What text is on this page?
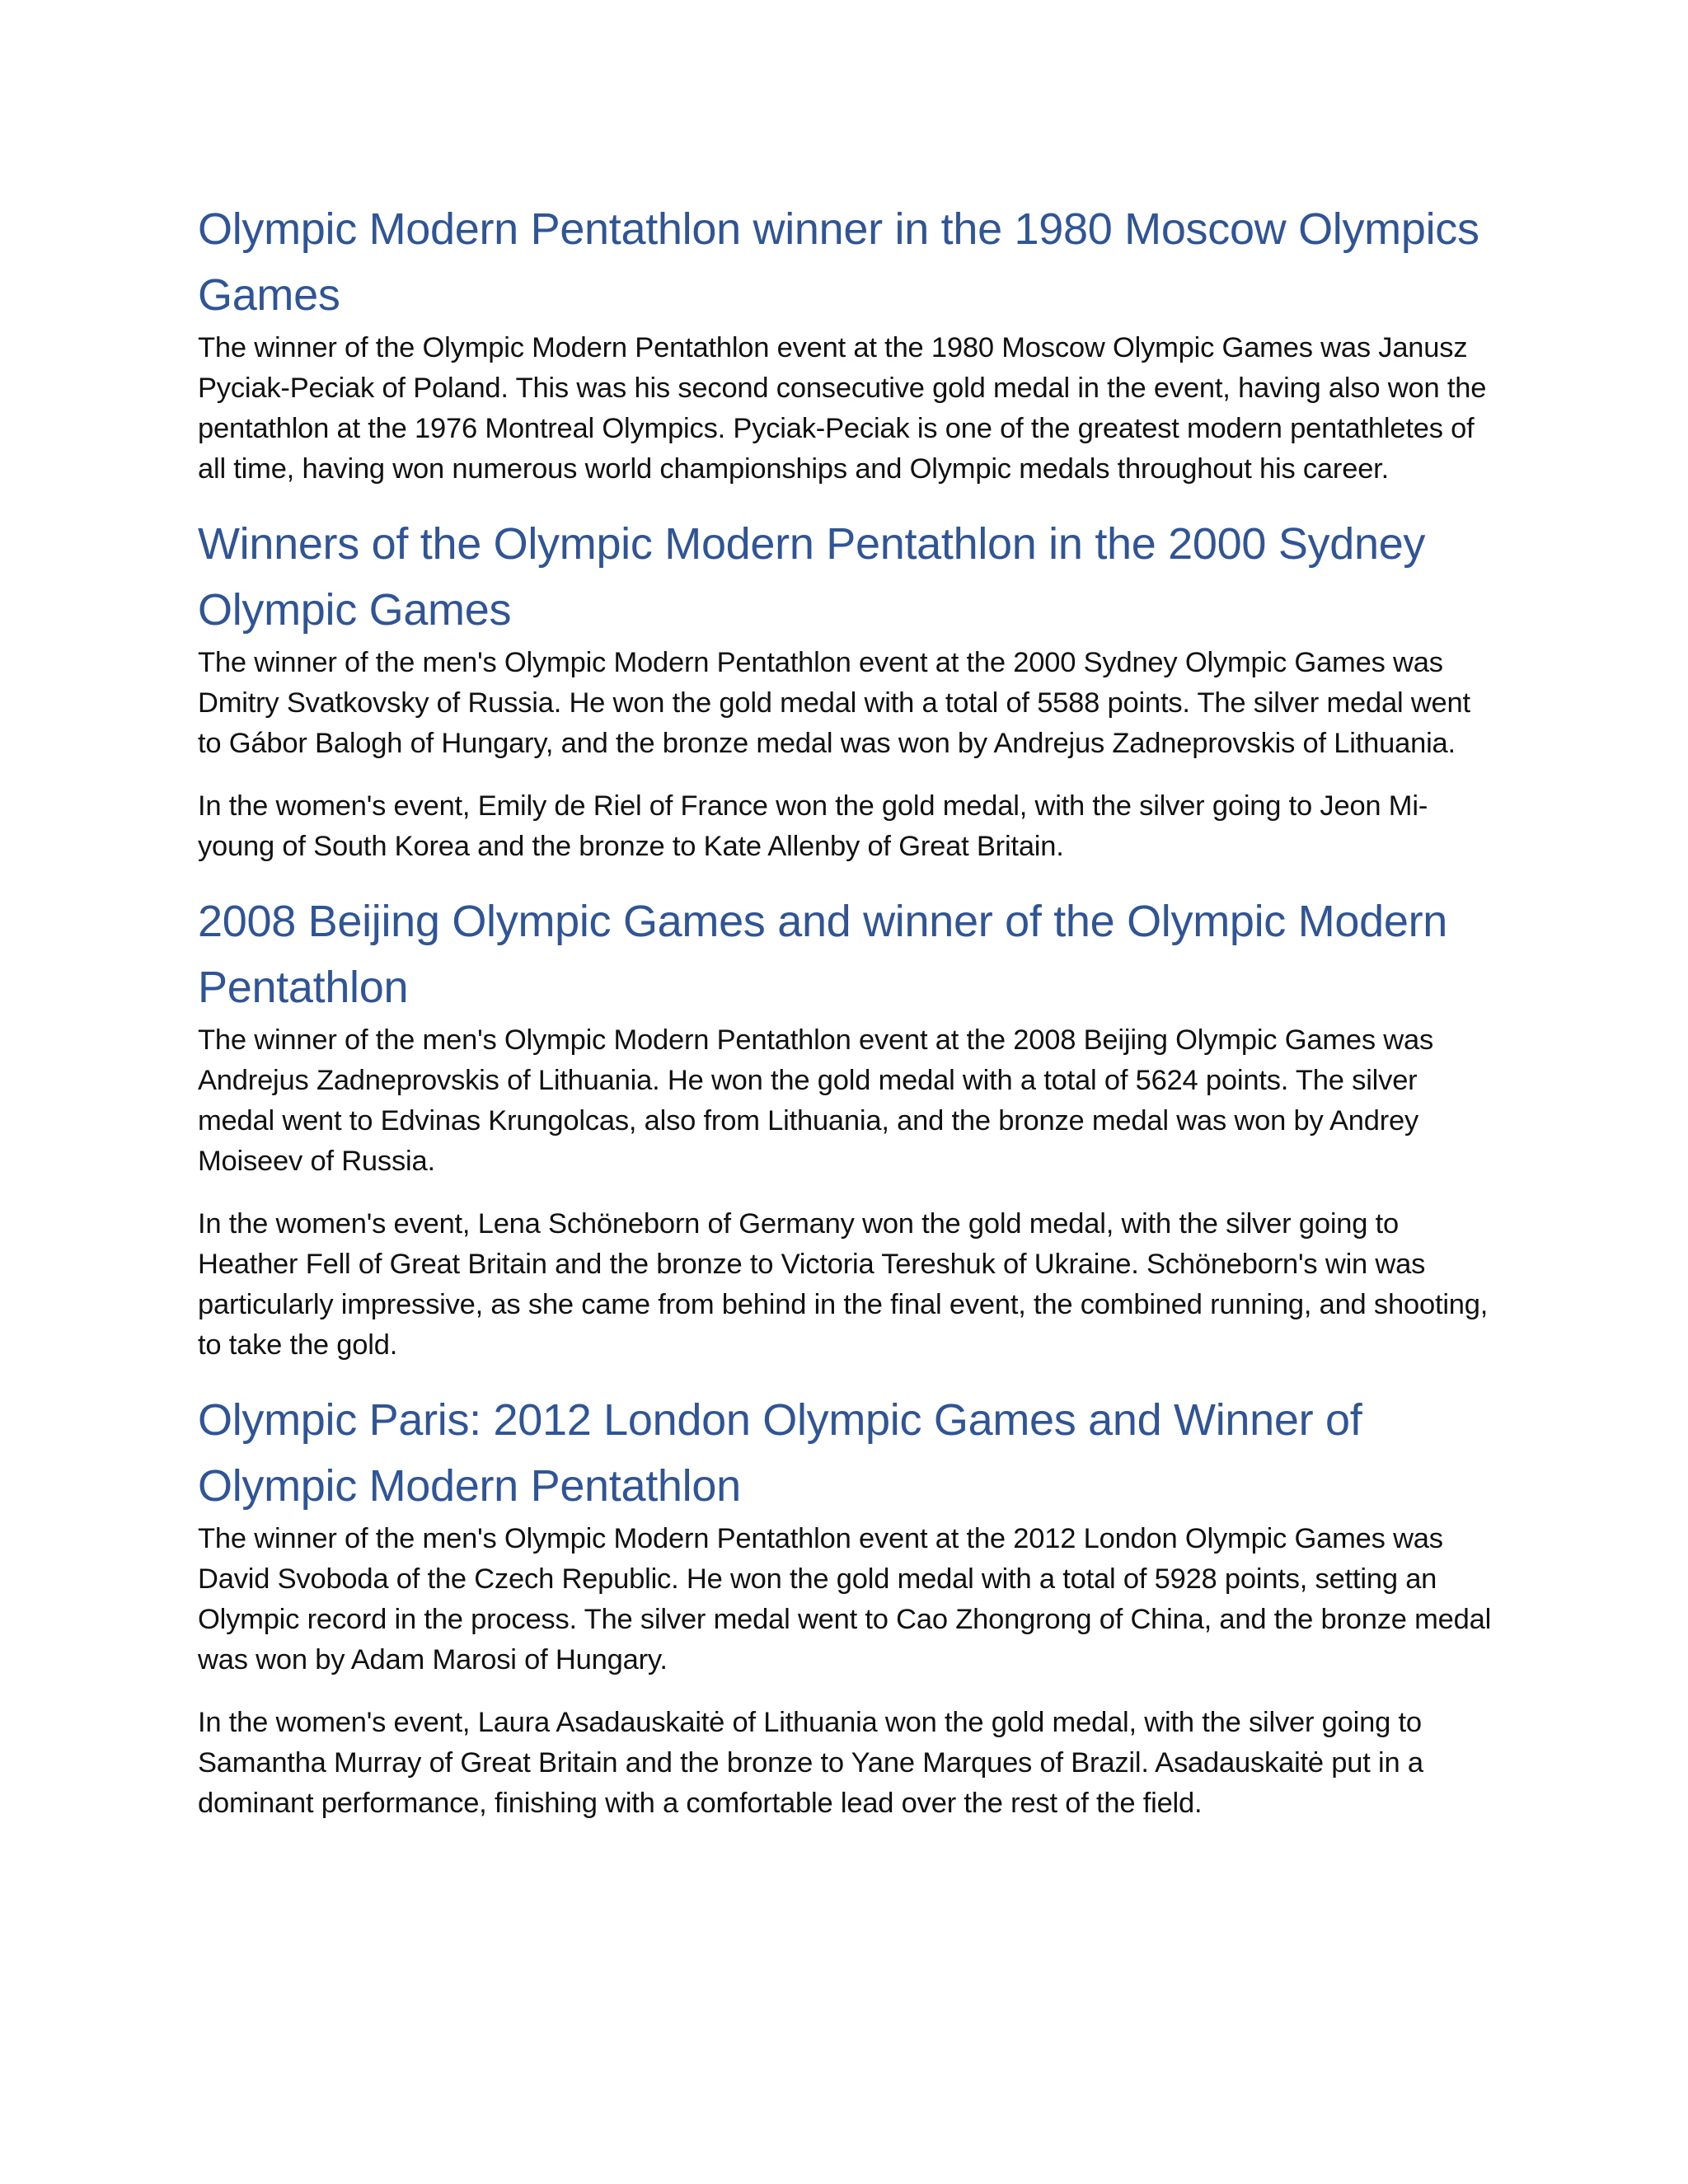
Olympic Modern Pentathlon winner in the 1980 Moscow Olympics Games

The winner of the Olympic Modern Pentathlon event at the 1980 Moscow Olympic Games was Janusz Pyciak-Peciak of Poland. This was his second consecutive gold medal in the event, having also won the pentathlon at the 1976 Montreal Olympics. Pyciak-Peciak is one of the greatest modern pentathletes of all time, having won numerous world championships and Olympic medals throughout his career.

Winners of the Olympic Modern Pentathlon in the 2000 Sydney Olympic Games

The winner of the men's Olympic Modern Pentathlon event at the 2000 Sydney Olympic Games was Dmitry Svatkovsky of Russia. He won the gold medal with a total of 5588 points. The silver medal went to Gábor Balogh of Hungary, and the bronze medal was won by Andrejus Zadneprovskis of Lithuania.

In the women's event, Emily de Riel of France won the gold medal, with the silver going to Jeon Mi-young of South Korea and the bronze to Kate Allenby of Great Britain.

2008 Beijing Olympic Games and winner of the Olympic Modern Pentathlon

The winner of the men's Olympic Modern Pentathlon event at the 2008 Beijing Olympic Games was Andrejus Zadneprovskis of Lithuania. He won the gold medal with a total of 5624 points. The silver medal went to Edvinas Krungolcas, also from Lithuania, and the bronze medal was won by Andrey Moiseev of Russia.

In the women's event, Lena Schöneborn of Germany won the gold medal, with the silver going to Heather Fell of Great Britain and the bronze to Victoria Tereshuk of Ukraine. Schöneborn's win was particularly impressive, as she came from behind in the final event, the combined running, and shooting, to take the gold.

Olympic Paris: 2012 London Olympic Games and Winner of Olympic Modern Pentathlon

The winner of the men's Olympic Modern Pentathlon event at the 2012 London Olympic Games was David Svoboda of the Czech Republic. He won the gold medal with a total of 5928 points, setting an Olympic record in the process. The silver medal went to Cao Zhongrong of China, and the bronze medal was won by Adam Marosi of Hungary.

In the women's event, Laura Asadauskaitė of Lithuania won the gold medal, with the silver going to Samantha Murray of Great Britain and the bronze to Yane Marques of Brazil. Asadauskaitė put in a dominant performance, finishing with a comfortable lead over the rest of the field.
